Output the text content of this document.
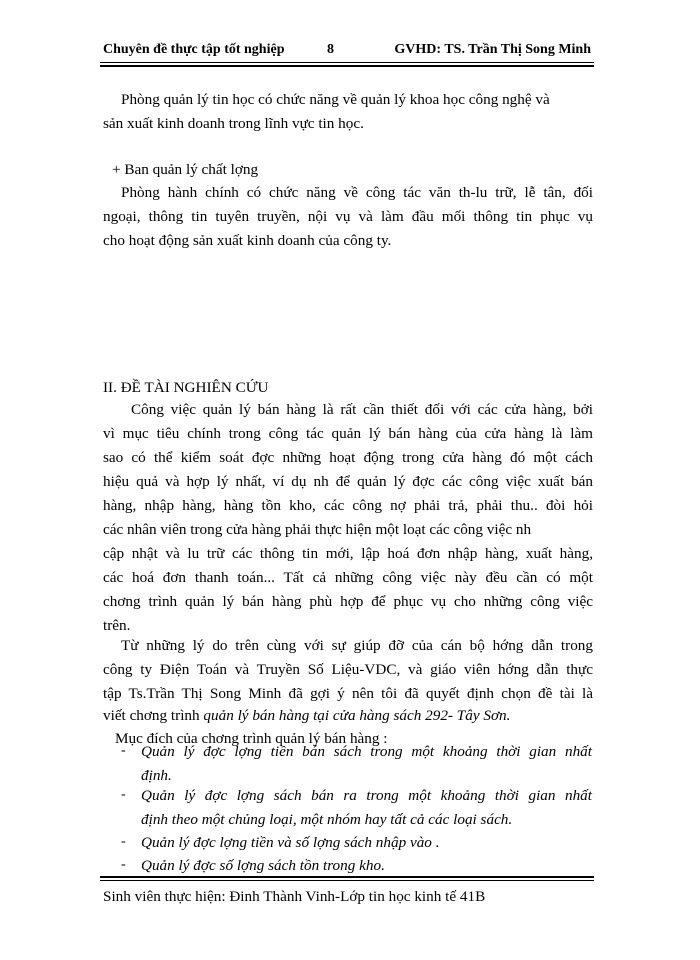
Chuyên đề thực tập tốt nghiệp	8	GVHD: TS. Trần Thị Song Minh
Phòng quản lý tin học có chức năng về quản lý khoa học công nghệ và
sản xuất kinh doanh trong lĩnh vực tin học.
+ Ban quản lý chất lợng
Phòng hành chính có chức năng về công tác văn th-lu trữ, lễ tân, đối
ngoại, thông tin tuyên truyền, nội vụ và làm đầu mối thông tin phục vụ
cho hoạt động sản xuất kinh doanh của công ty.
II. ĐỀ TÀI NGHIÊN CỨU
Công việc quản lý bán hàng là rất cần thiết đối với các cửa hàng, bởi
vì mục tiêu chính trong công tác quản lý bán hàng của cửa hàng là làm
sao có thể kiểm soát đợc những hoạt động trong cửa hàng đó một cách
hiệu quả và hợp lý nhất, ví dụ nh để quản lý đợc các công việc xuất bán
hàng, nhập hàng, hàng tồn kho, các công nợ phải trả, phải thu.. đòi hỏi
các nhân viên trong cửa hàng phải thực hiện một loạt các công việc nh
cập nhật và lu trữ các thông tin mới, lập hoá đơn nhập hàng, xuất hàng,
các hoá đơn thanh toán... Tất cả những công việc này đều cần có một
chơng trình quản lý bán hàng phù hợp để phục vụ cho những công việc
trên.
Từ những lý do trên cùng với sự giúp đỡ của cán bộ hớng dẫn trong
công ty Điện Toán và Truyền Số Liệu-VDC, và giáo viên hớng dẫn thực
tập Ts.Trần Thị Song Minh đã gợi ý nên tôi đã quyết định chọn đề tài là
viết chơng trình quản lý bán hàng tại cửa hàng sách 292- Tây Sơn.
Mục đích của chơng trình quản lý bán hàng :
- Quản lý đợc lợng tiền bán sách trong một khoảng thời gian nhất
định.
- Quản lý đợc lợng sách bán ra trong một khoảng thời gian nhất
định theo một chủng loại, một nhóm hay tất cả các loại sách.
- Quản lý đợc lợng tiền và số lợng sách nhập vào .
- Quản lý đợc số lợng sách tồn trong kho.
Sinh viên thực hiện: Đinh Thành Vinh-Lớp tin học kinh tế 41B
